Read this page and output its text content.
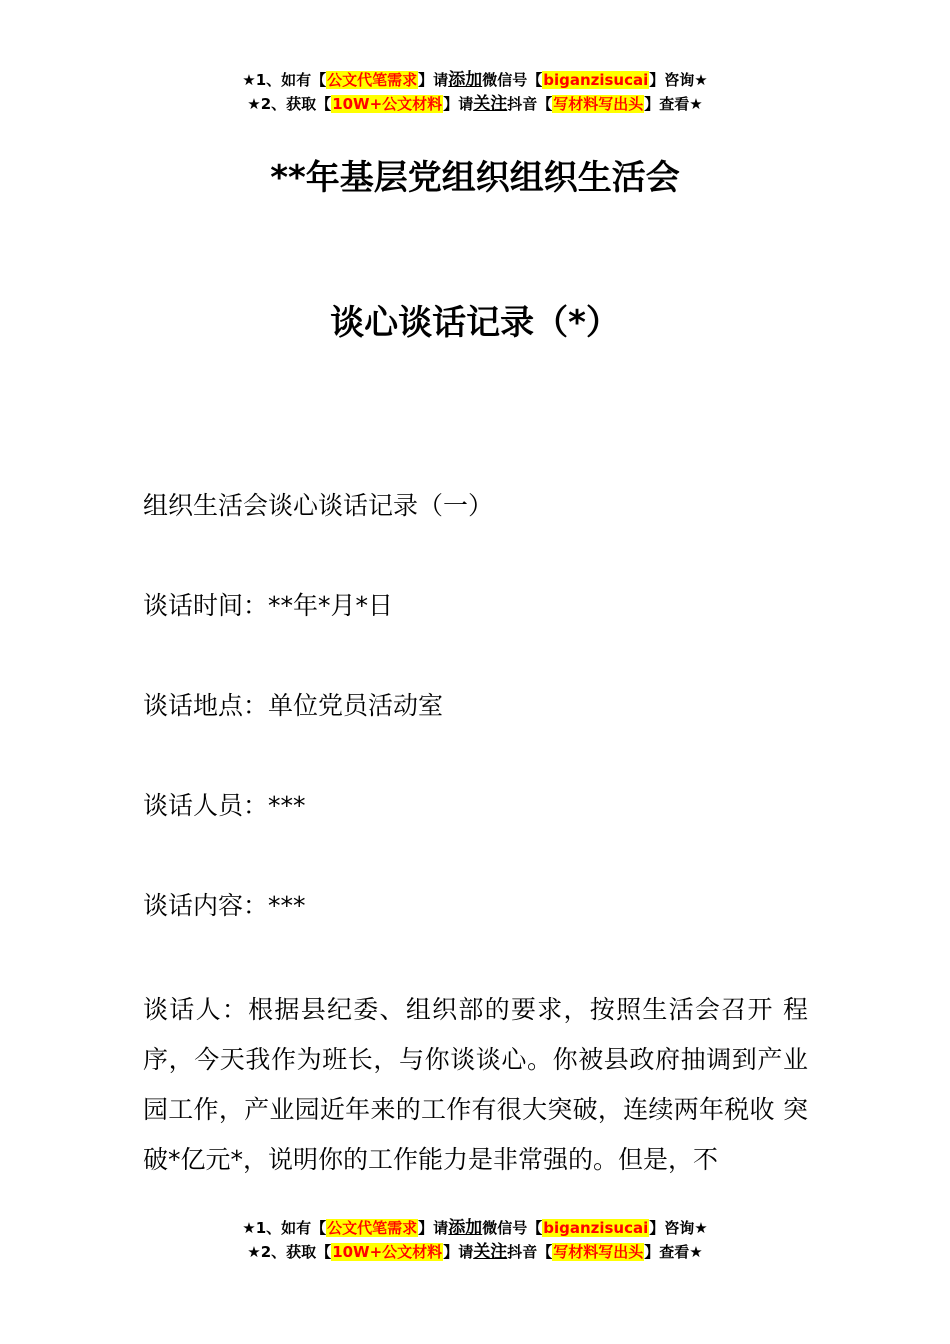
★1、如有【公文代笔需求】请添加微信号【biganzisucai】咨询★
★2、获取【10W+公文材料】请关注抖音【写材料写出头】查看★
**年基层党组织组织生活会
谈心谈话记录（*）
组织生活会谈心谈话记录（一）
谈话时间：**年*月*日
谈话地点：单位党员活动室
谈话人员：***
谈话内容：***
谈话人：根据县纪委、组织部的要求，按照生活会召开 程序，今天我作为班长，与你谈谈心。你被县政府抽调到产业园工作，产业园近年来的工作有很大突破，连续两年税收 突破*亿元*，说明你的工作能力是非常强的。但是，不
★1、如有【公文代笔需求】请添加微信号【biganzisucai】咨询★
★2、获取【10W+公文材料】请关注抖音【写材料写出头】查看★
